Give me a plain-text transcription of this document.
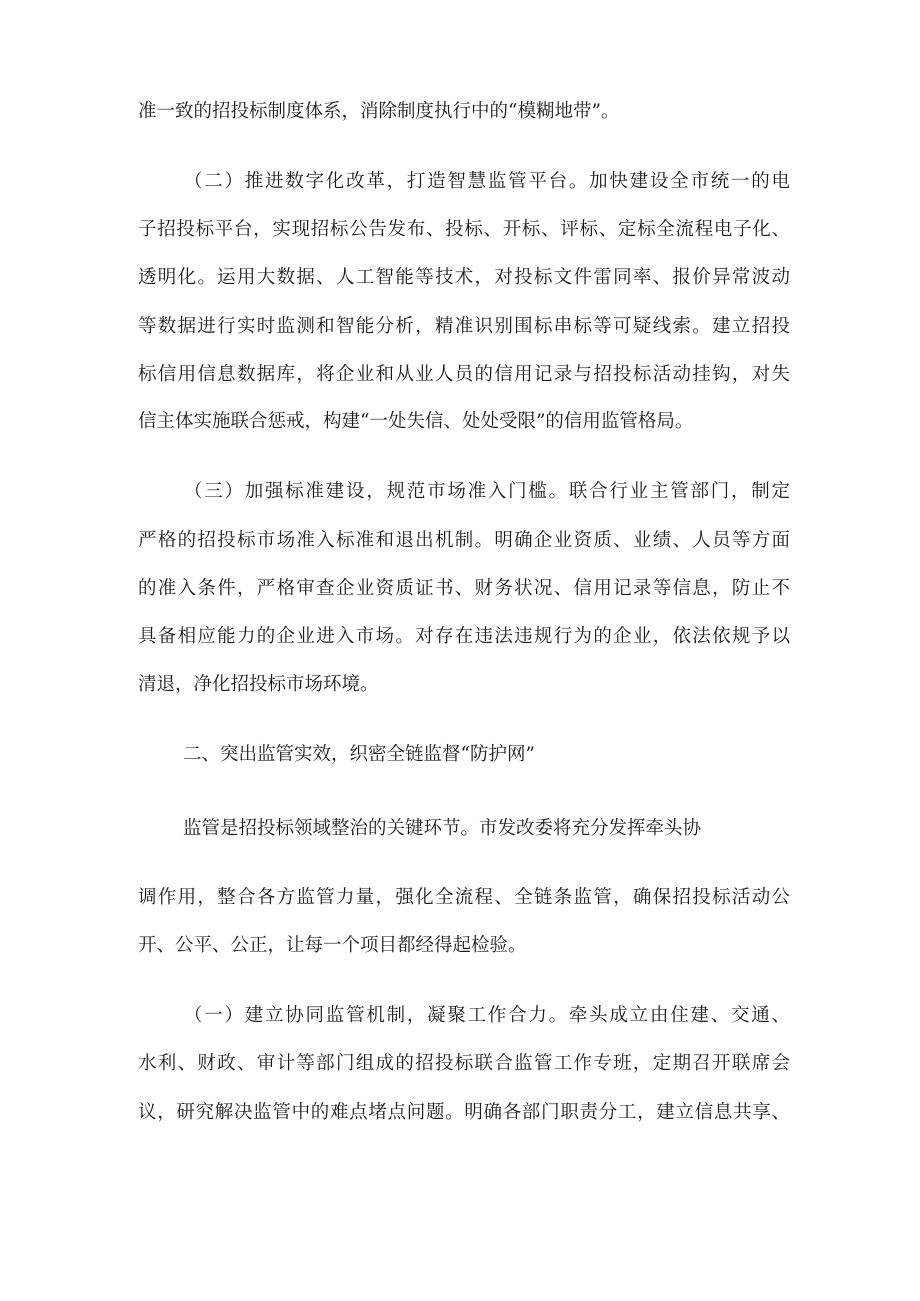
准一致的招投标制度体系，消除制度执行中的“模糊地带”。
（二）推进数字化改革，打造智慧监管平台。加快建设全市统一的电
子招投标平台，实现招标公告发布、投标、开标、评标、定标全流程电子化、
透明化。运用大数据、人工智能等技术，对投标文件雷同率、报价异常波动
等数据进行实时监测和智能分析，精准识别围标串标等可疑线索。建立招投
标信用信息数据库，将企业和从业人员的信用记录与招投标活动挂钩，对失
信主体实施联合惩戒，构建“一处失信、处处受限”的信用监管格局。
（三）加强标准建设，规范市场准入门槛。联合行业主管部门，制定
严格的招投标市场准入标准和退出机制。明确企业资质、业绩、人员等方面
的准入条件，严格审查企业资质证书、财务状况、信用记录等信息，防止不
具备相应能力的企业进入市场。对存在违法违规行为的企业，依法依规予以
清退，净化招投标市场环境。
二、突出监管实效，织密全链监督“防护网”
监管是招投标领域整治的关键环节。市发改委将充分发挥牵头协
调作用，整合各方监管力量，强化全流程、全链条监管，确保招投标活动公
开、公平、公正，让每一个项目都经得起检验。
（一）建立协同监管机制，凝聚工作合力。牵头成立由住建、交通、
水利、财政、审计等部门组成的招投标联合监管工作专班，定期召开联席会
议，研究解决监管中的难点堵点问题。明确各部门职责分工，建立信息共享、
